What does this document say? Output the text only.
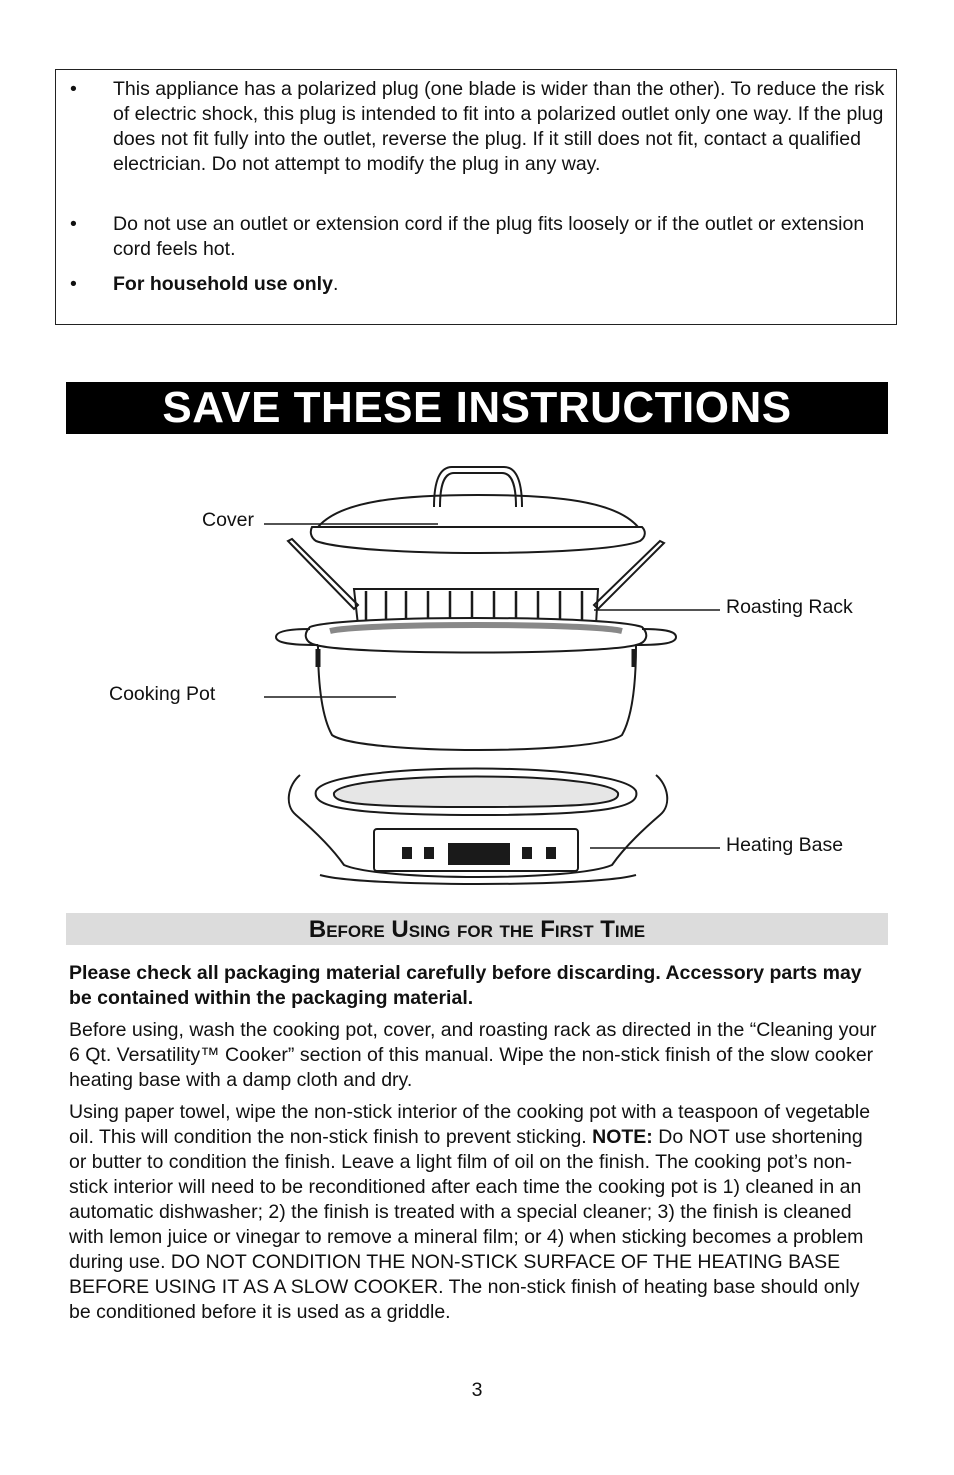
• This appliance has a polarized plug (one blade is wider than the other). To reduce the risk of electric shock, this plug is intended to fit into a polarized outlet only one way. If the plug does not fit fully into the outlet, reverse the plug. If it still does not fit, contact a qualified electrician. Do not attempt to modify the plug in any way.
• Do not use an outlet or extension cord if the plug fits loosely or if the outlet or extension cord feels hot.
• For household use only.
SAVE THESE INSTRUCTIONS
Cover
Roasting Rack
Cooking Pot
Heating Base
Before Using for the First Time
Please check all packaging material carefully before discarding. Accessory parts may be contained within the packaging material.
Before using, wash the cooking pot, cover, and roasting rack as directed in the “Cleaning your 6 Qt. Versatility™ Cooker” section of this manual. Wipe the non-stick finish of the slow cooker heating base with a damp cloth and dry.
Using paper towel, wipe the non-stick interior of the cooking pot with a teaspoon of vegetable oil. This will condition the non-stick finish to prevent sticking. NOTE: Do NOT use shortening or butter to condition the finish. Leave a light film of oil on the finish. The cooking pot’s non-stick interior will need to be reconditioned after each time the cooking pot is 1) cleaned in an automatic dishwasher; 2) the finish is treated with a special cleaner; 3) the finish is cleaned with lemon juice or vinegar to remove a mineral film; or 4) when sticking becomes a problem during use. DO NOT CONDITION THE NON-STICK SURFACE OF THE HEATING BASE BEFORE USING IT AS A SLOW COOKER. The non-stick finish of heating base should only be conditioned before it is used as a griddle.
3
